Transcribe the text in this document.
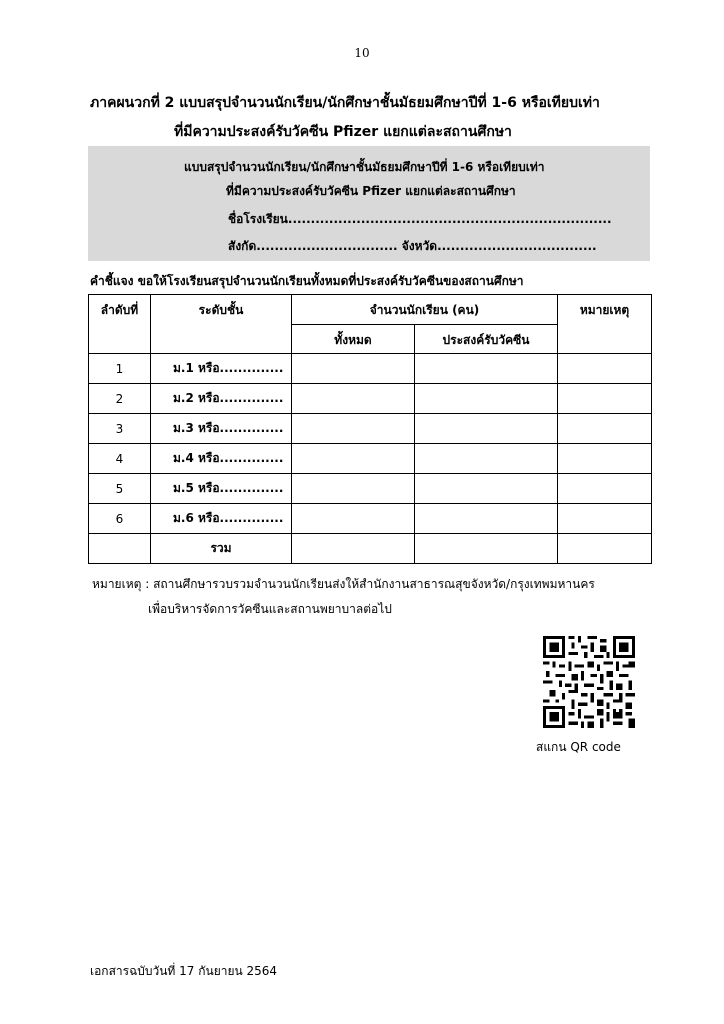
10
ภาคผนวกที่ 2 แบบสรุปจำนวนนักเรียน/นักศึกษาชั้นมัธยมศึกษาปีที่ 1-6 หรือเทียบเท่า
ที่มีความประสงค์รับวัคซีน Pfizer แยกแต่ละสถานศึกษา
แบบสรุปจำนวนนักเรียน/นักศึกษาชั้นมัธยมศึกษาปีที่ 1-6 หรือเทียบเท่า
ที่มีความประสงค์รับวัคซีน Pfizer แยกแต่ละสถานศึกษา
ชื่อโรงเรียน.......................................................................
สังกัด............................... จังหวัด...................................
คำชี้แจง ขอให้โรงเรียนสรุปจำนวนนักเรียนทั้งหมดที่ประสงค์รับวัคซีนของสถานศึกษา
ลำดับที่	ระดับชั้น	จำนวนนักเรียน (คน)		หมายเหตุ
		ทั้งหมด	ประสงค์รับวัคซีน	
1	ม.1 หรือ..............			
2	ม.2 หรือ..............			
3	ม.3 หรือ..............			
4	ม.4 หรือ..............			
5	ม.5 หรือ..............			
6	ม.6 หรือ..............			
	รวม			
หมายเหตุ : สถานศึกษารวบรวมจำนวนนักเรียนส่งให้สำนักงานสาธารณสุขจังหวัด/กรุงเทพมหานคร
เพื่อบริหารจัดการวัคซีนและสถานพยาบาลต่อไป
สแกน QR code
เอกสารฉบับวันที่ 17 กันยายน 2564
